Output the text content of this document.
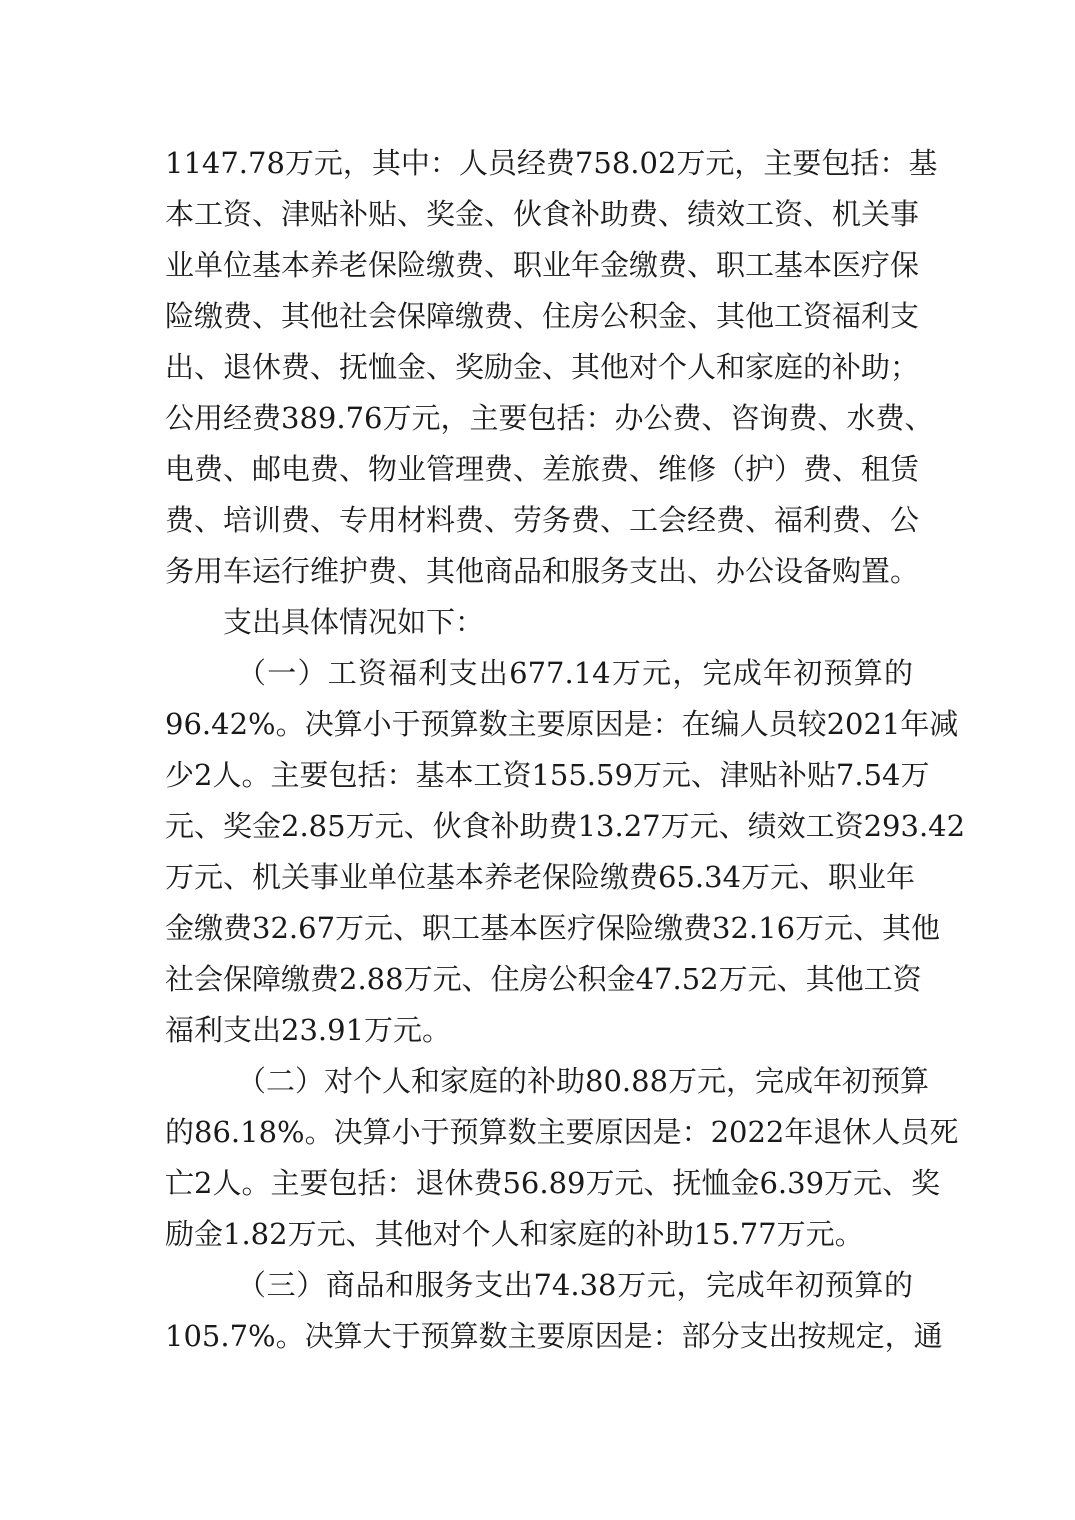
1147.78万元，其中：人员经费758.02万元，主要包括：基
本工资、津贴补贴、奖金、伙食补助费、绩效工资、机关事
业单位基本养老保险缴费、职业年金缴费、职工基本医疗保
险缴费、其他社会保障缴费、住房公积金、其他工资福利支
出、退休费、抚恤金、奖励金、其他对个人和家庭的补助；
公用经费389.76万元，主要包括：办公费、咨询费、水费、
电费、邮电费、物业管理费、差旅费、维修（护）费、租赁
费、培训费、专用材料费、劳务费、工会经费、福利费、公
务用车运行维护费、其他商品和服务支出、办公设备购置。
支出具体情况如下：
（一）工资福利支出677.14万元，完成年初预算的
96.42%。决算小于预算数主要原因是：在编人员较2021年减
少2人。主要包括：基本工资155.59万元、津贴补贴7.54万
元、奖金2.85万元、伙食补助费13.27万元、绩效工资293.42
万元、机关事业单位基本养老保险缴费65.34万元、职业年
金缴费32.67万元、职工基本医疗保险缴费32.16万元、其他
社会保障缴费2.88万元、住房公积金47.52万元、其他工资
福利支出23.91万元。
（二）对个人和家庭的补助80.88万元，完成年初预算
的86.18%。决算小于预算数主要原因是：2022年退休人员死
亡2人。主要包括：退休费56.89万元、抚恤金6.39万元、奖
励金1.82万元、其他对个人和家庭的补助15.77万元。
（三）商品和服务支出74.38万元，完成年初预算的
105.7%。决算大于预算数主要原因是：部分支出按规定，通
